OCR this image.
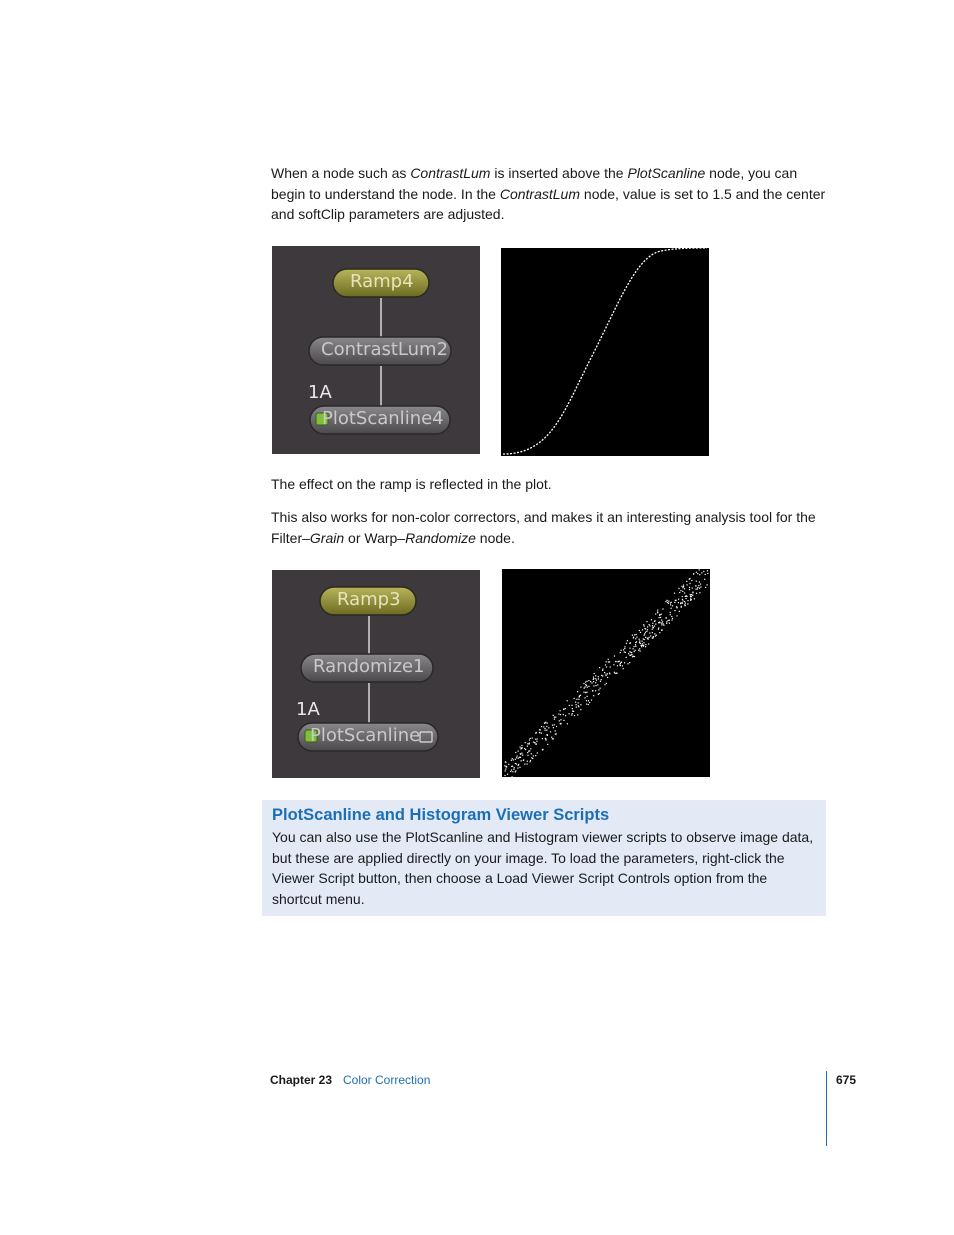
When a node such as ContrastLum is inserted above the PlotScanline node, you can begin to understand the node. In the ContrastLum node, value is set to 1.5 and the center and softClip parameters are adjusted.

Ramp4
ContrastLum2
PlotScanline4
1A

The effect on the ramp is reflected in the plot.

This also works for non-color correctors, and makes it an interesting analysis tool for the Filter–Grain or Warp–Randomize node.

Ramp3
Randomize1
PlotScanline
1A
PlotScanline and Histogram Viewer Scripts

You can also use the PlotScanline and Histogram viewer scripts to observe image data, but these are applied directly on your image. To load the parameters, right-click the Viewer Script button, then choose a Load Viewer Script Controls option from the shortcut menu.

Chapter 23 Color Correction	675
